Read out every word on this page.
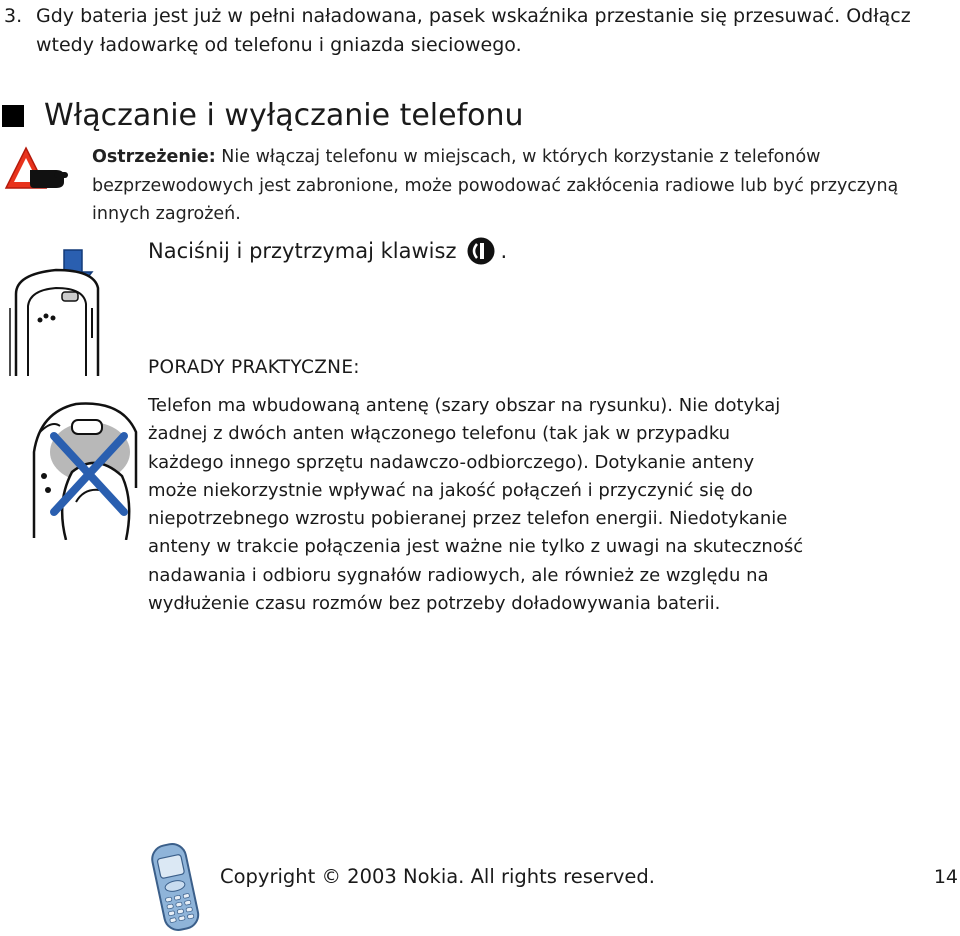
3. Gdy bateria jest już w pełni naładowana, pasek wskaźnika przestanie się przesuwać. Odłącz wtedy ładowarkę od telefonu i gniazda sieciowego.
Włączanie i wyłączanie telefonu
Ostrzeżenie: Nie włączaj telefonu w miejscach, w których korzystanie z telefonów bezprzewodowych jest zabronione, może powodować zakłócenia radiowe lub być przyczyną innych zagrożeń.
Naciśnij i przytrzymaj klawisz .
PORADY PRAKTYCZNE:
Telefon ma wbudowaną antenę (szary obszar na rysunku). Nie dotykaj żadnej z dwóch anten włączonego telefonu (tak jak w przypadku każdego innego sprzętu nadawczo-odbiorczego). Dotykanie anteny może niekorzystnie wpływać na jakość połączeń i przyczynić się do niepotrzebnego wzrostu pobieranej przez telefon energii. Niedotykanie anteny w trakcie połączenia jest ważne nie tylko z uwagi na skuteczność nadawania i odbioru sygnałów radiowych, ale również ze względu na wydłużenie czasu rozmów bez potrzeby doładowywania baterii.
Copyright © 2003 Nokia. All rights reserved.	14
